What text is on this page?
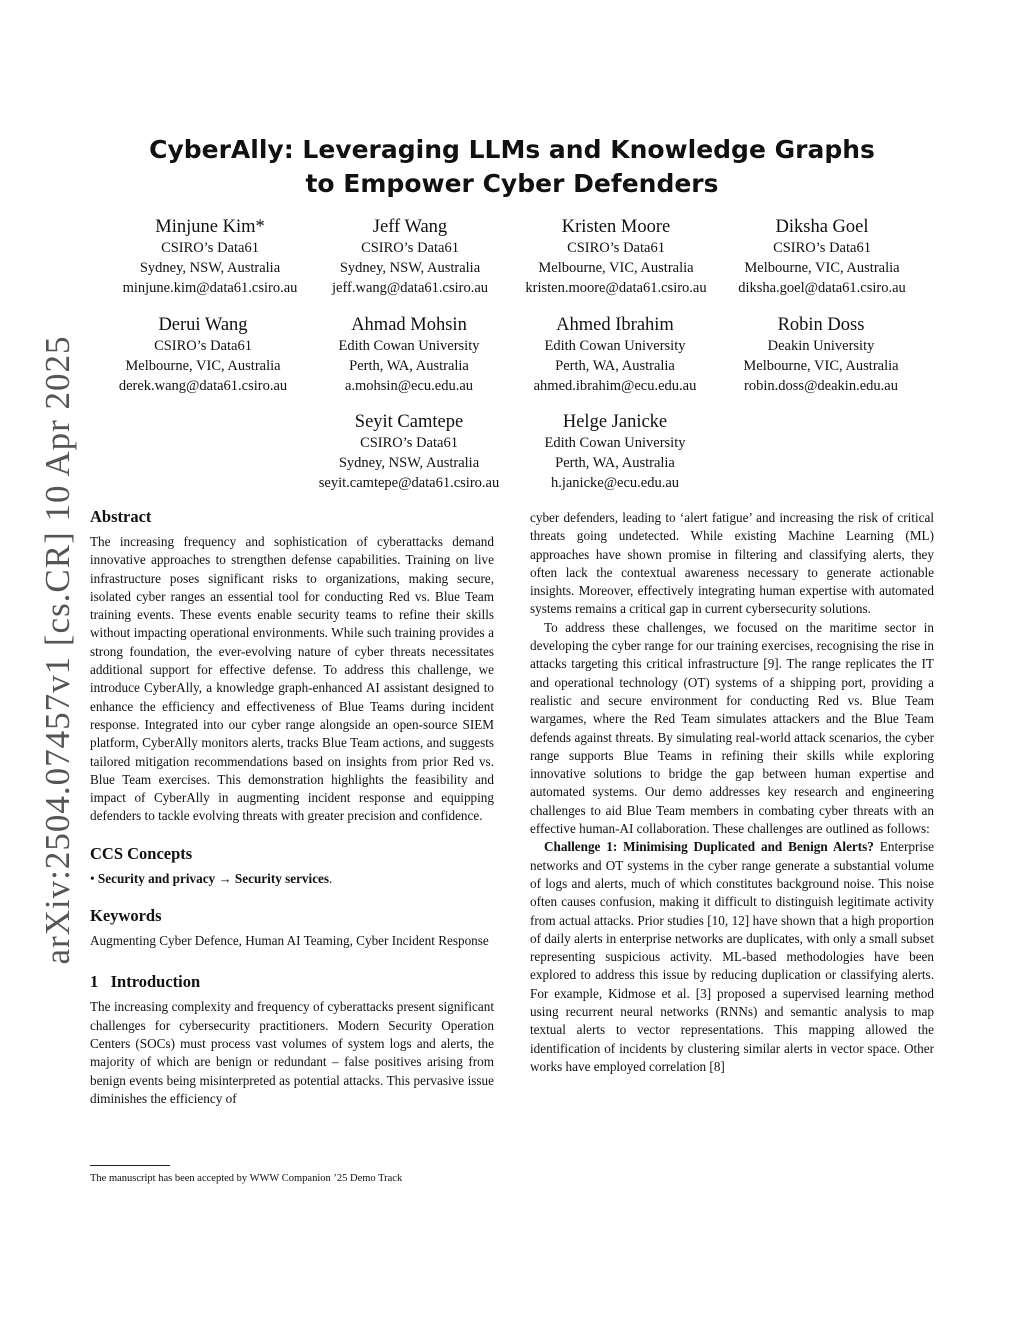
arXiv:2504.07457v1 [cs.CR] 10 Apr 2025
CyberAlly: Leveraging LLMs and Knowledge Graphs
to Empower Cyber Defenders
Minjune Kim*
CSIRO’s Data61
Sydney, NSW, Australia
minjune.kim@data61.csiro.au
Jeff Wang
CSIRO’s Data61
Sydney, NSW, Australia
jeff.wang@data61.csiro.au
Kristen Moore
CSIRO’s Data61
Melbourne, VIC, Australia
kristen.moore@data61.csiro.au
Diksha Goel
CSIRO’s Data61
Melbourne, VIC, Australia
diksha.goel@data61.csiro.au
Derui Wang
CSIRO’s Data61
Melbourne, VIC, Australia
derek.wang@data61.csiro.au
Ahmad Mohsin
Edith Cowan University
Perth, WA, Australia
a.mohsin@ecu.edu.au
Ahmed Ibrahim
Edith Cowan University
Perth, WA, Australia
ahmed.ibrahim@ecu.edu.au
Robin Doss
Deakin University
Melbourne, VIC, Australia
robin.doss@deakin.edu.au
Seyit Camtepe
CSIRO’s Data61
Sydney, NSW, Australia
seyit.camtepe@data61.csiro.au
Helge Janicke
Edith Cowan University
Perth, WA, Australia
h.janicke@ecu.edu.au
Abstract

The increasing frequency and sophistication of cyberattacks demand innovative approaches to strengthen defense capabilities. Training on live infrastructure poses significant risks to organizations, making secure, isolated cyber ranges an essential tool for conducting Red vs. Blue Team training events. These events enable security teams to refine their skills without impacting operational environments. While such training provides a strong foundation, the ever-evolving nature of cyber threats necessitates additional support for effective defense. To address this challenge, we introduce CyberAlly, a knowledge graph-enhanced AI assistant designed to enhance the efficiency and effectiveness of Blue Teams during incident response. Integrated into our cyber range alongside an open-source SIEM platform, CyberAlly monitors alerts, tracks Blue Team actions, and suggests tailored mitigation recommendations based on insights from prior Red vs. Blue Team exercises. This demonstration highlights the feasibility and impact of CyberAlly in augmenting incident response and equipping defenders to tackle evolving threats with greater precision and confidence.

CCS Concepts

• Security and privacy → Security services.

Keywords

Augmenting Cyber Defence, Human AI Teaming, Cyber Incident Response

1   Introduction

The increasing complexity and frequency of cyberattacks present significant challenges for cybersecurity practitioners. Modern Security Operation Centers (SOCs) must process vast volumes of system logs and alerts, the majority of which are benign or redundant – false positives arising from benign events being misinterpreted as potential attacks. This pervasive issue diminishes the efficiency of

cyber defenders, leading to ‘alert fatigue’ and increasing the risk of critical threats going undetected. While existing Machine Learning (ML) approaches have shown promise in filtering and classifying alerts, they often lack the contextual awareness necessary to generate actionable insights. Moreover, effectively integrating human expertise with automated systems remains a critical gap in current cybersecurity solutions.

To address these challenges, we focused on the maritime sector in developing the cyber range for our training exercises, recognising the rise in attacks targeting this critical infrastructure [9]. The range replicates the IT and operational technology (OT) systems of a shipping port, providing a realistic and secure environment for conducting Red vs. Blue Team wargames, where the Red Team simulates attackers and the Blue Team defends against threats. By simulating real-world attack scenarios, the cyber range supports Blue Teams in refining their skills while exploring innovative solutions to bridge the gap between human expertise and automated systems. Our demo addresses key research and engineering challenges to aid Blue Team members in combating cyber threats with an effective human-AI collaboration. These challenges are outlined as follows:

Challenge 1: Minimising Duplicated and Benign Alerts? Enterprise networks and OT systems in the cyber range generate a substantial volume of logs and alerts, much of which constitutes background noise. This noise often causes confusion, making it difficult to distinguish legitimate activity from actual attacks. Prior studies [10, 12] have shown that a high proportion of daily alerts in enterprise networks are duplicates, with only a small subset representing suspicious activity. ML-based methodologies have been explored to address this issue by reducing duplication or classifying alerts. For example, Kidmose et al. [3] proposed a supervised learning method using recurrent neural networks (RNNs) and semantic analysis to map textual alerts to vector representations. This mapping allowed the identification of incidents by clustering similar alerts in vector space. Other works have employed correlation [8]

The manuscript has been accepted by WWW Companion ’25 Demo Track
